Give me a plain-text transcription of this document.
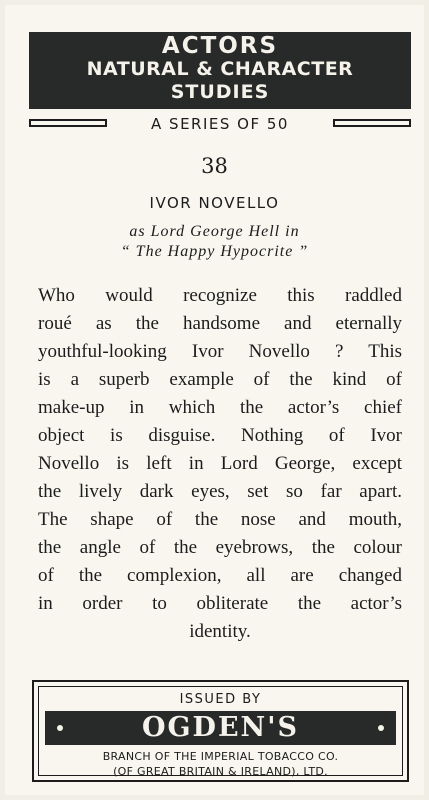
ACTORS
NATURAL & CHARACTER
STUDIES
A SERIES OF 50
38
IVOR NOVELLO
as Lord George Hell in
“ The Happy Hypocrite ”
Who would recognize this raddled
roué as the handsome and eternally
youthful-looking Ivor Novello ? This
is a superb example of the kind of
make-up in which the actor’s chief
object is disguise. Nothing of Ivor
Novello is left in Lord George, except
the lively dark eyes, set so far apart.
The shape of the nose and mouth,
the angle of the eyebrows, the colour
of the complexion, all are changed
in order to obliterate the actor’s
identity.
ISSUED BY
OGDEN'S
BRANCH OF THE IMPERIAL TOBACCO CO.
(OF GREAT BRITAIN & IRELAND), LTD.
